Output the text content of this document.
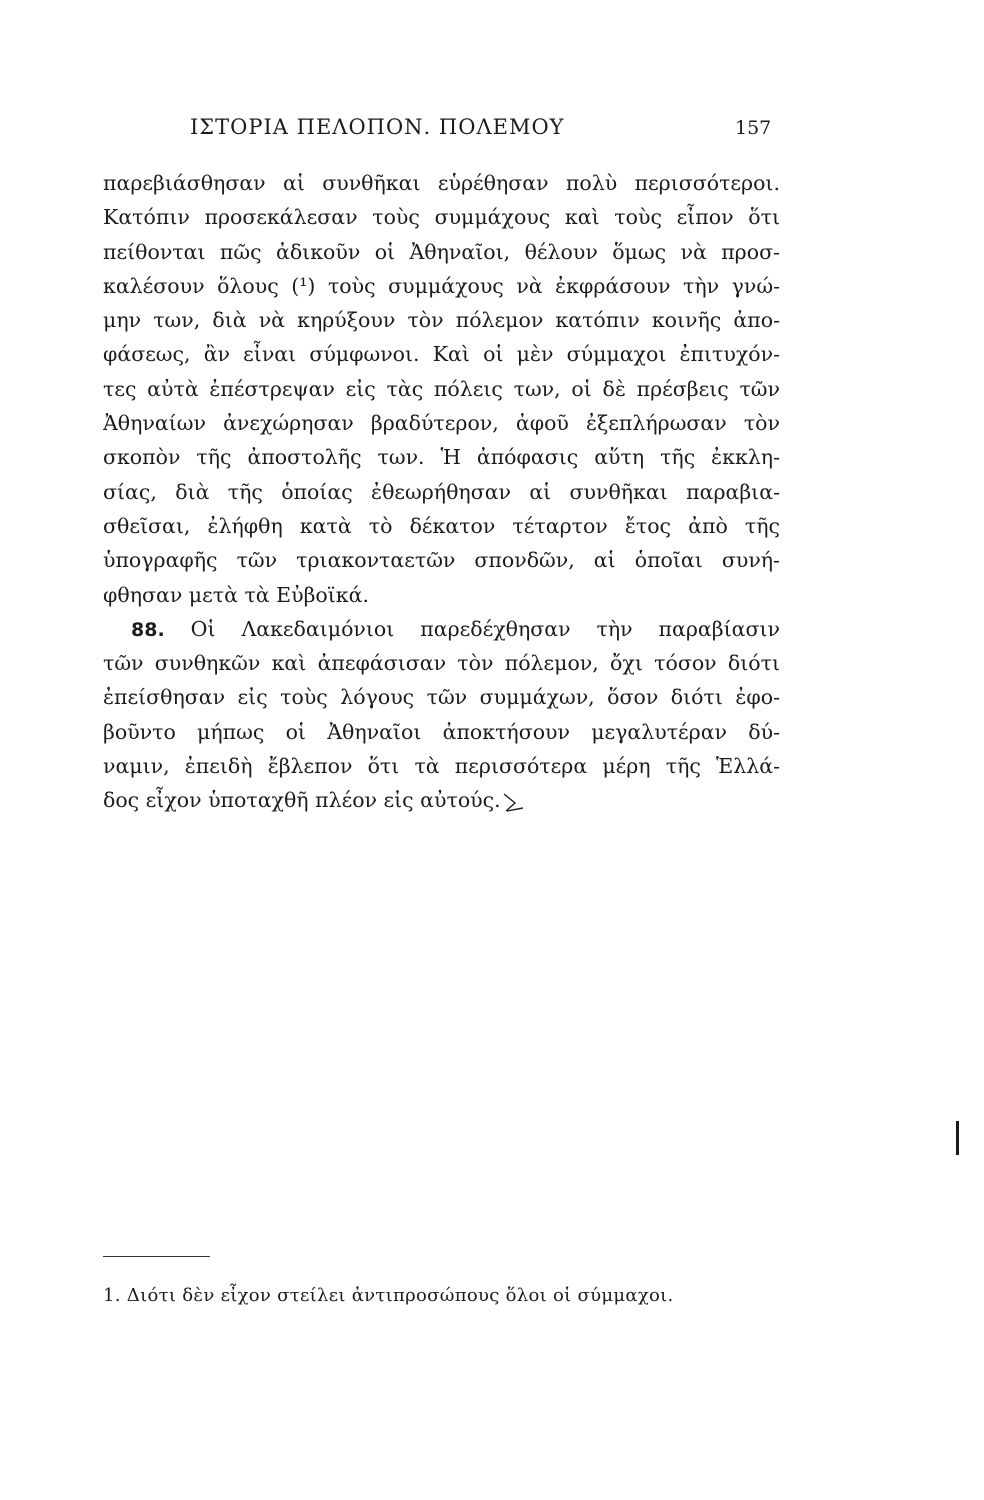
ΙΣΤΟΡΙΑ ΠΕΛΟΠΟΝ. ΠΟΛΕΜΟΥ	157
παρεβιάσθησαν αἱ συνθῆκαι εὑρέθησαν πολὺ περισσότεροι.
Κατόπιν προσεκάλεσαν τοὺς συμμάχους καὶ τοὺς εἶπον ὅτι
πείθονται πῶς ἀδικοῦν οἱ Ἀθηναῖοι, θέλουν ὅμως νὰ προσ-
καλέσουν ὅλους (¹) τοὺς συμμάχους νὰ ἐκφράσουν τὴν γνώ-
μην των, διὰ νὰ κηρύξουν τὸν πόλεμον κατόπιν κοινῆς ἀπο-
φάσεως, ἂν εἶναι σύμφωνοι. Καὶ οἱ μὲν σύμμαχοι ἐπιτυχόν-
τες αὐτὰ ἐπέστρεψαν εἰς τὰς πόλεις των, οἱ δὲ πρέσβεις τῶν
Ἀθηναίων ἀνεχώρησαν βραδύτερον, ἀφοῦ ἐξεπλήρωσαν τὸν
σκοπὸν τῆς ἀποστολῆς των. Ἡ ἀπόφασις αὕτη τῆς ἐκκλη-
σίας, διὰ τῆς ὁποίας ἐθεωρήθησαν αἱ συνθῆκαι παραβια-
σθεῖσαι, ἐλήφθη κατὰ τὸ δέκατον τέταρτον ἔτος ἀπὸ τῆς
ὑπογραφῆς τῶν τριακονταετῶν σπονδῶν, αἱ ὁποῖαι συνή-
φθησαν μετὰ τὰ Εὐβοϊκά.
88. Οἱ Λακεδαιμόνιοι παρεδέχθησαν τὴν παραβίασιν
τῶν συνθηκῶν καὶ ἀπεφάσισαν τὸν πόλεμον, ὄχι τόσον διότι
ἐπείσθησαν εἰς τοὺς λόγους τῶν συμμάχων, ὅσον διότι ἐφο-
βοῦντο μήπως οἱ Ἀθηναῖοι ἀποκτήσουν μεγαλυτέραν δύ-
ναμιν, ἐπειδὴ ἔβλεπον ὅτι τὰ περισσότερα μέρη τῆς Ἑλλά-
δος εἶχον ὑποταχθῆ πλέον εἰς αὐτούς.
1. Διότι δὲν εἶχον στείλει ἀντιπροσώπους ὅλοι οἱ σύμμαχοι.
